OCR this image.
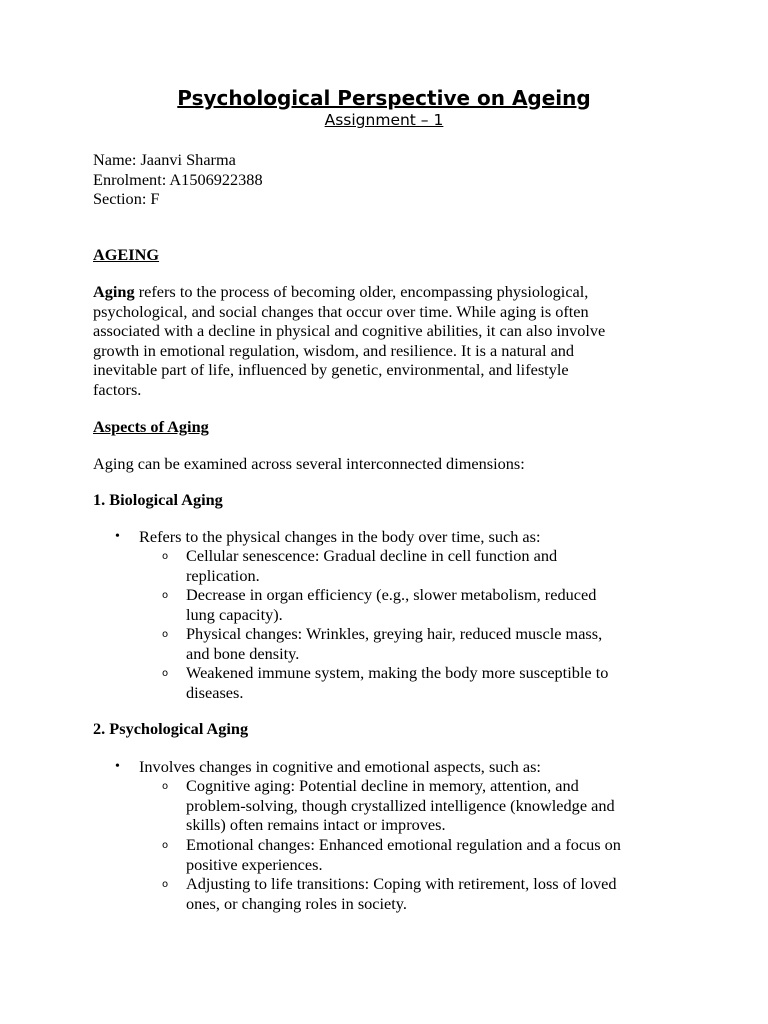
Psychological Perspective on Ageing
Assignment – 1
Name: Jaanvi Sharma
Enrolment: A1506922388
Section: F
AGEING
Aging refers to the process of becoming older, encompassing physiological,
psychological, and social changes that occur over time. While aging is often
associated with a decline in physical and cognitive abilities, it can also involve
growth in emotional regulation, wisdom, and resilience. It is a natural and
inevitable part of life, influenced by genetic, environmental, and lifestyle
factors.
Aspects of Aging
Aging can be examined across several interconnected dimensions:
1. Biological Aging
• Refers to the physical changes in the body over time, such as:
o Cellular senescence: Gradual decline in cell function and
replication.
o Decrease in organ efficiency (e.g., slower metabolism, reduced
lung capacity).
o Physical changes: Wrinkles, greying hair, reduced muscle mass,
and bone density.
o Weakened immune system, making the body more susceptible to
diseases.
2. Psychological Aging
• Involves changes in cognitive and emotional aspects, such as:
o Cognitive aging: Potential decline in memory, attention, and
problem-solving, though crystallized intelligence (knowledge and
skills) often remains intact or improves.
o Emotional changes: Enhanced emotional regulation and a focus on
positive experiences.
o Adjusting to life transitions: Coping with retirement, loss of loved
ones, or changing roles in society.
